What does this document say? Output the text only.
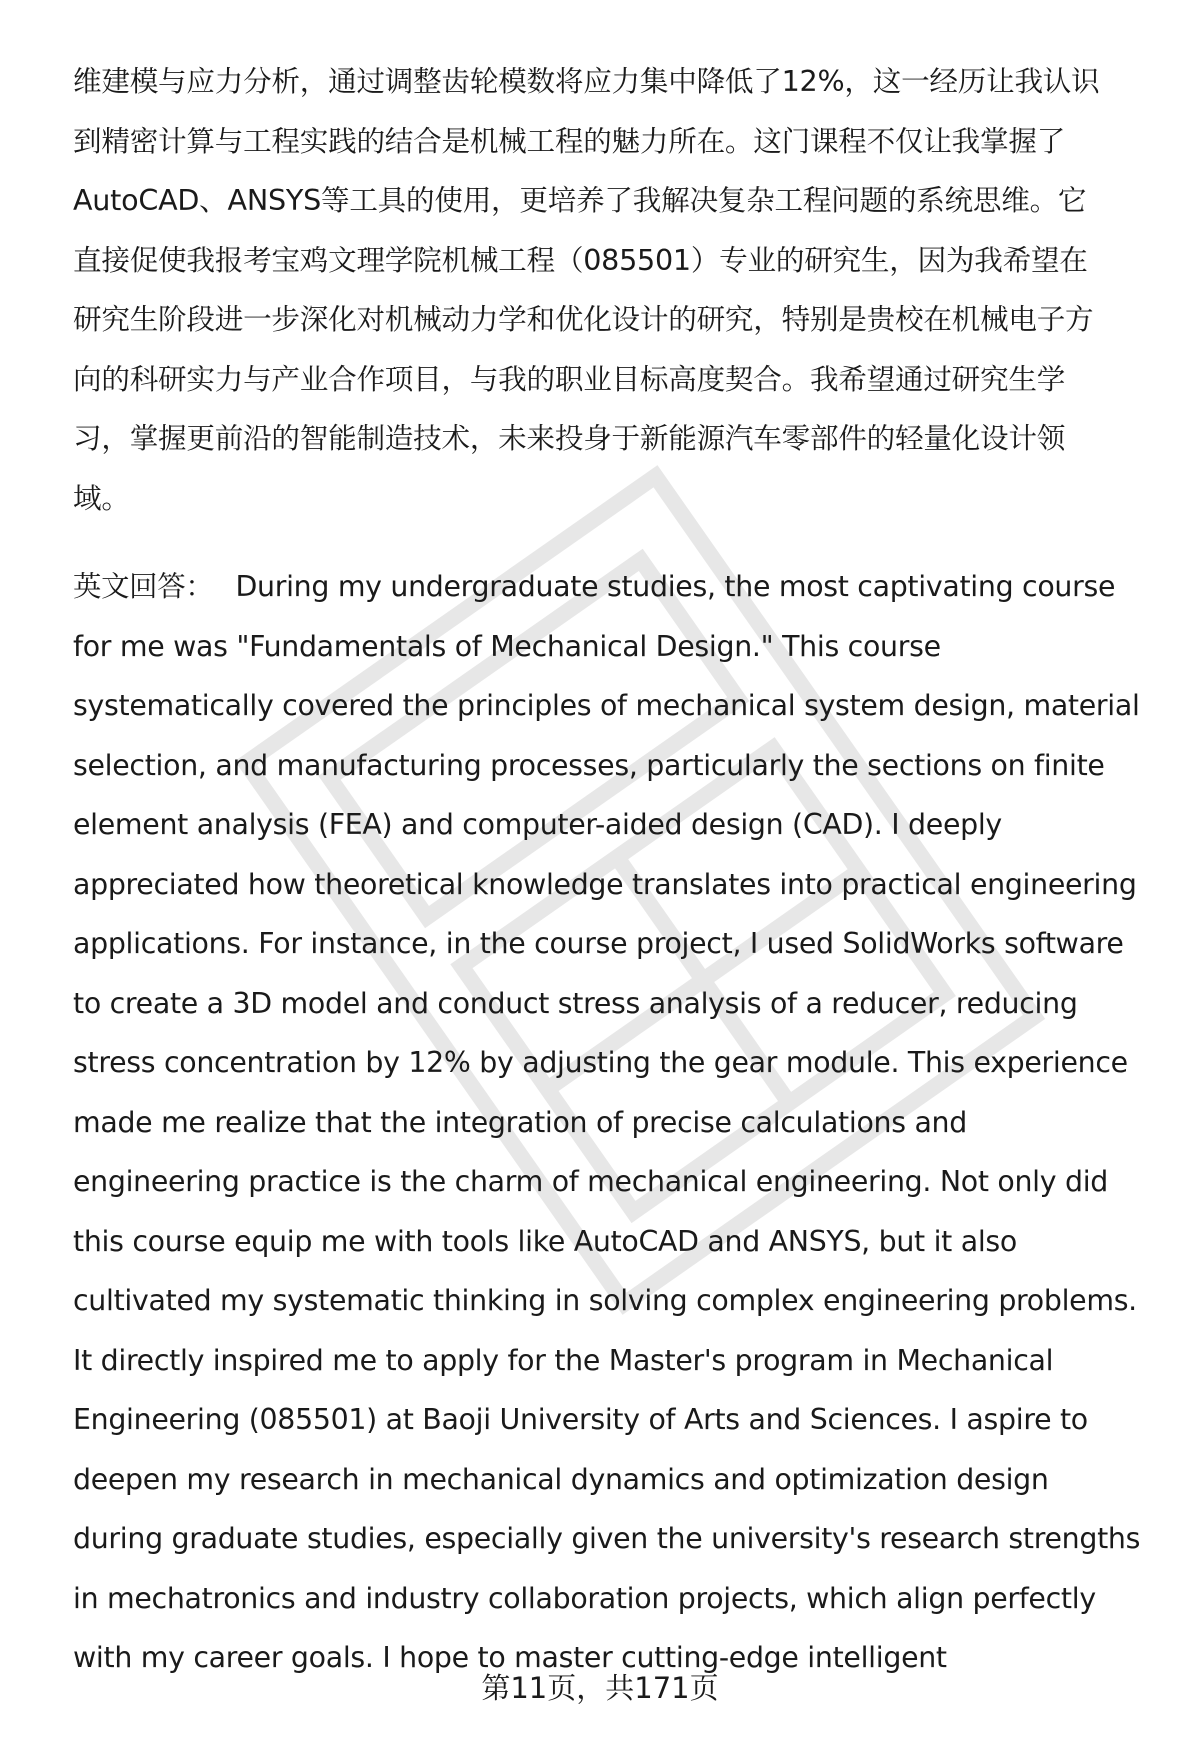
维建模与应力分析，通过调整齿轮模数将应力集中降低了12%，这一经历让我认识
到精密计算与工程实践的结合是机械工程的魅力所在。这门课程不仅让我掌握了
AutoCAD、ANSYS等工具的使用，更培养了我解决复杂工程问题的系统思维。它
直接促使我报考宝鸡文理学院机械工程（085501）专业的研究生，因为我希望在
研究生阶段进一步深化对机械动力学和优化设计的研究，特别是贵校在机械电子方
向的科研实力与产业合作项目，与我的职业目标高度契合。我希望通过研究生学
习，掌握更前沿的智能制造技术，未来投身于新能源汽车零部件的轻量化设计领
域。
英文回答： During my undergraduate studies, the most captivating course
for me was "Fundamentals of Mechanical Design." This course
systematically covered the principles of mechanical system design, material
selection, and manufacturing processes, particularly the sections on finite
element analysis (FEA) and computer-aided design (CAD). I deeply
appreciated how theoretical knowledge translates into practical engineering
applications. For instance, in the course project, I used SolidWorks software
to create a 3D model and conduct stress analysis of a reducer, reducing
stress concentration by 12% by adjusting the gear module. This experience
made me realize that the integration of precise calculations and
engineering practice is the charm of mechanical engineering. Not only did
this course equip me with tools like AutoCAD and ANSYS, but it also
cultivated my systematic thinking in solving complex engineering problems.
It directly inspired me to apply for the Master's program in Mechanical
Engineering (085501) at Baoji University of Arts and Sciences. I aspire to
deepen my research in mechanical dynamics and optimization design
during graduate studies, especially given the university's research strengths
in mechatronics and industry collaboration projects, which align perfectly
with my career goals. I hope to master cutting-edge intelligent
第11页，共171页
